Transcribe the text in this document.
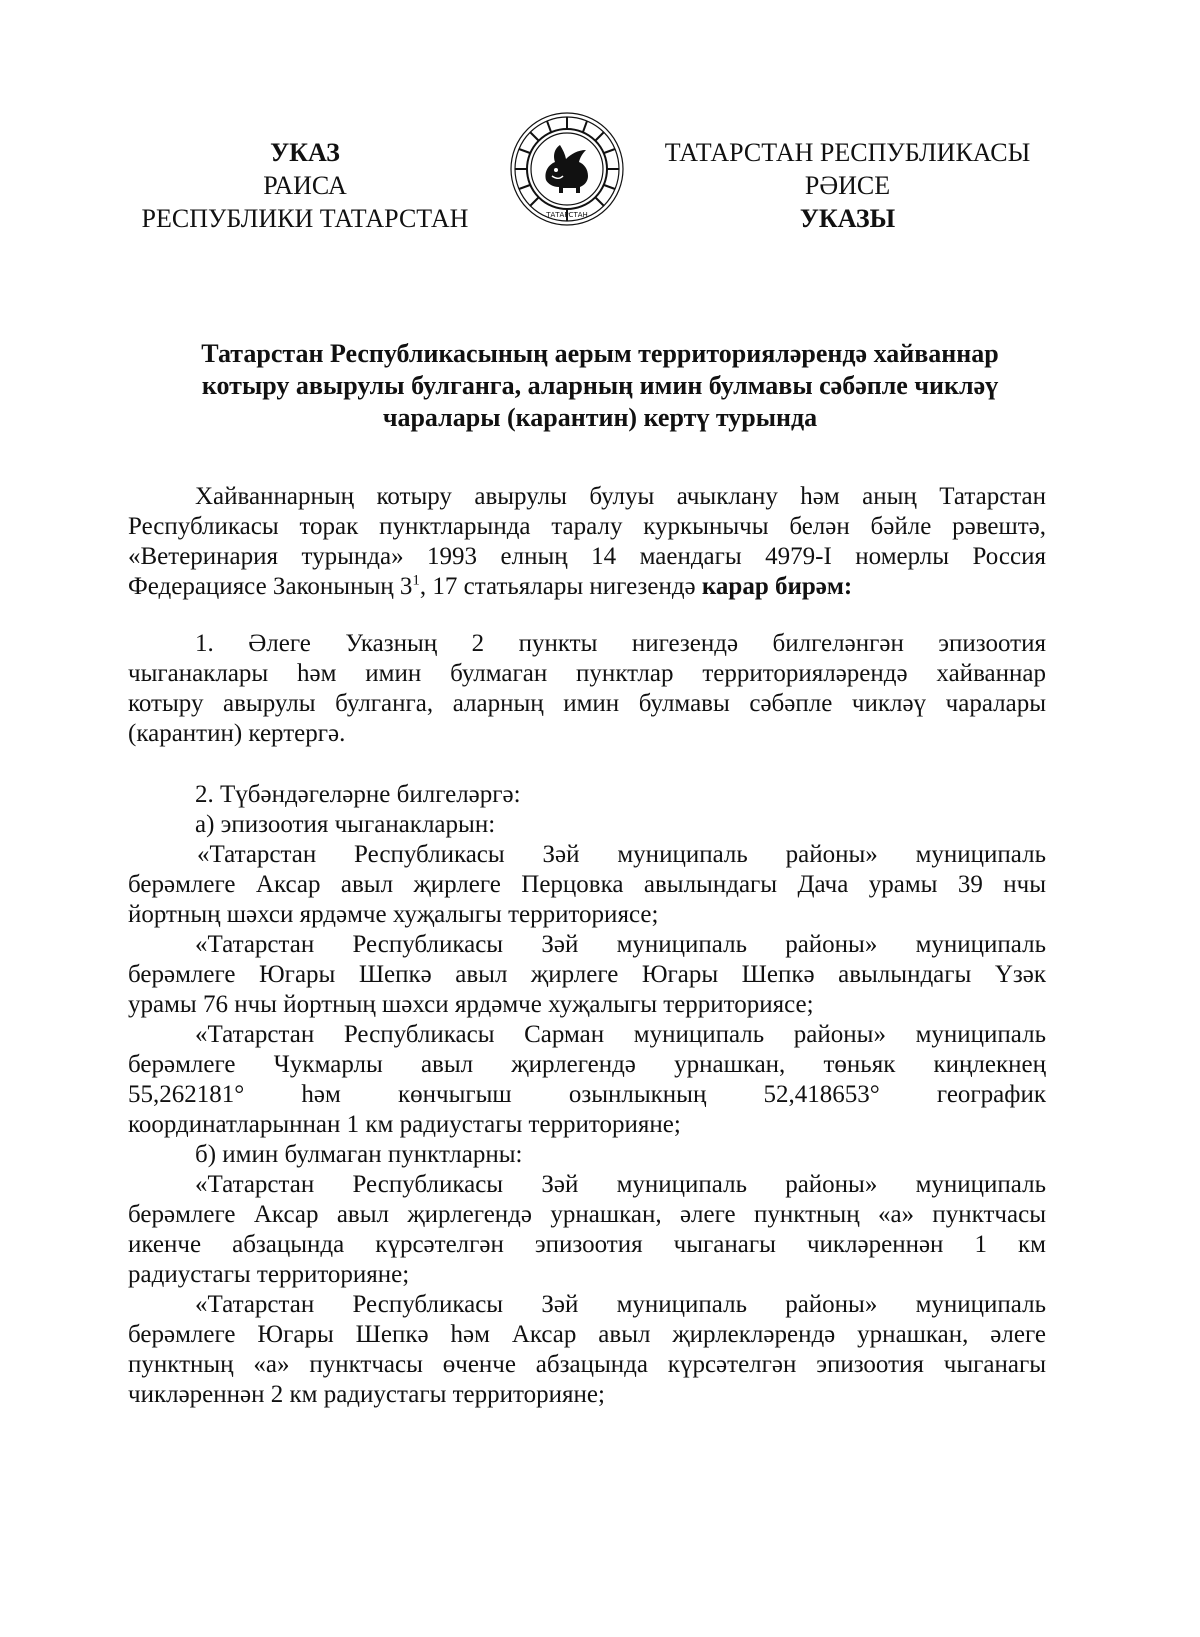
УКАЗ
РАИСА
РЕСПУБЛИКИ ТАТАРСТАН	ТАТАРСТАН
ТАТАРСТАН РЕСПУБЛИКАСЫ
РӘИСЕ
УКАЗЫ
Татарстан Республикасының аерым территорияләрендә хайваннар
котыру авырулы булганга, аларның имин булмавы сәбәпле чикләү
чаралары (карантин) кертү турында
Хайваннарның котыру авырулы булуы ачыклану һәм аның Татарстан
Республикасы торак пунктларында таралу куркынычы белән бәйле рәвештә,
«Ветеринария турында» 1993 елның 14 маендагы 4979-I номерлы Россия
Федерациясе Законының $3^1$, 17 статьялары нигезендә карар бирәм:
1. Әлеге Указның 2 пункты нигезендә билгеләнгән эпизоотия
чыганаклары һәм имин булмаган пунктлар территорияләрендә хайваннар
котыру авырулы булганга, аларның имин булмавы сәбәпле чикләү чаралары
(карантин) кертергә.
2. Түбәндәгеләрне билгеләргә:
а) эпизоотия чыганакларын:
«Татарстан Республикасы Зәй муниципаль районы» муниципаль
берәмлеге Аксар авыл җирлеге Перцовка авылындагы Дача урамы 39 нчы
йортның шәхси ярдәмче хуҗалыгы территориясе;
«Татарстан Республикасы Зәй муниципаль районы» муниципаль
берәмлеге Югары Шепкә авыл җирлеге Югары Шепкә авылындагы Үзәк
урамы 76 нчы йортның шәхси ярдәмче хуҗалыгы территориясе;
«Татарстан Республикасы Сарман муниципаль районы» муниципаль
берәмлеге Чукмарлы авыл җирлегендә урнашкан, төньяк киңлекнең
55,262181° һәм көнчыгыш озынлыкның 52,418653° географик
координатларыннан 1 км радиустагы территорияне;
б) имин булмаган пунктларны:
«Татарстан Республикасы Зәй муниципаль районы» муниципаль
берәмлеге Аксар авыл җирлегендә урнашкан, әлеге пунктның «а» пунктчасы
икенче абзацында күрсәтелгән эпизоотия чыганагы чикләреннән 1 км
радиустагы территорияне;
«Татарстан Республикасы Зәй муниципаль районы» муниципаль
берәмлеге Югары Шепкә һәм Аксар авыл җирлекләрендә урнашкан, әлеге
пунктның «а» пунктчасы өченче абзацында күрсәтелгән эпизоотия чыганагы
чикләреннән 2 км радиустагы территорияне;
